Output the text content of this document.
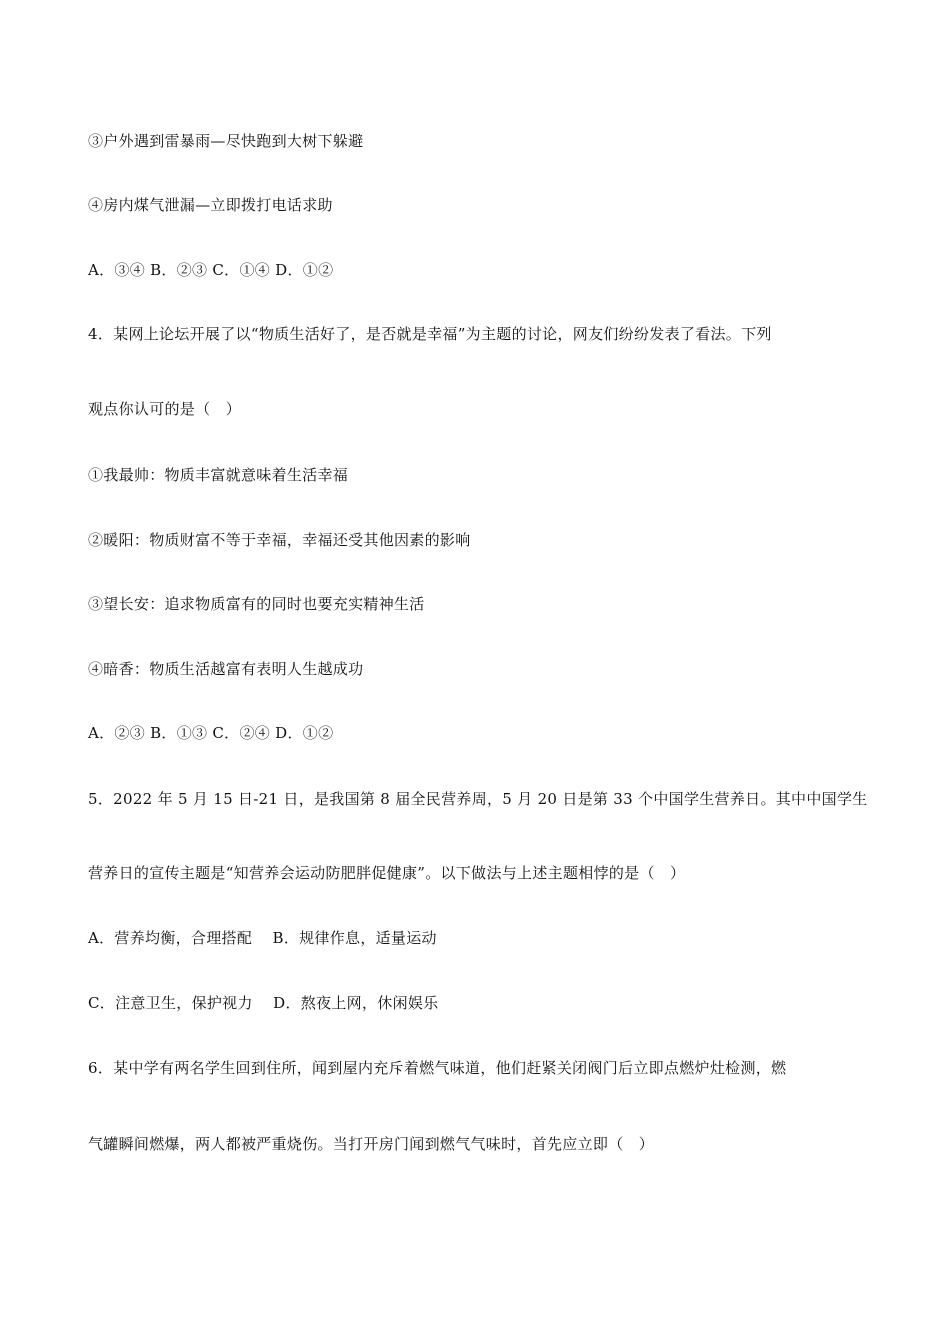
③户外遇到雷暴雨—尽快跑到大树下躲避
④房内煤气泄漏—立即拨打电话求助
A．③④ B．②③ C．①④ D．①②
4．某网上论坛开展了以“物质生活好了，是否就是幸福”为主题的讨论，网友们纷纷发表了看法。下列
观点你认可的是（　）
①我最帅：物质丰富就意味着生活幸福
②暖阳：物质财富不等于幸福，幸福还受其他因素的影响
③望长安：追求物质富有的同时也要充实精神生活
④暗香：物质生活越富有表明人生越成功
A．②③ B．①③ C．②④ D．①②
5．2022 年 5 月 15 日-21 日，是我国第 8 届全民营养周，5 月 20 日是第 33 个中国学生营养日。其中中国学生
营养日的宣传主题是“知营养会运动防肥胖促健康”。以下做法与上述主题相悖的是（　）
A．营养均衡，合理搭配　 B．规律作息，适量运动
C．注意卫生，保护视力　 D．熬夜上网，休闲娱乐
6．某中学有两名学生回到住所，闻到屋内充斥着燃气味道，他们赶紧关闭阀门后立即点燃炉灶检测，燃
气罐瞬间燃爆，两人都被严重烧伤。当打开房门闻到燃气气味时，首先应立即（　）
